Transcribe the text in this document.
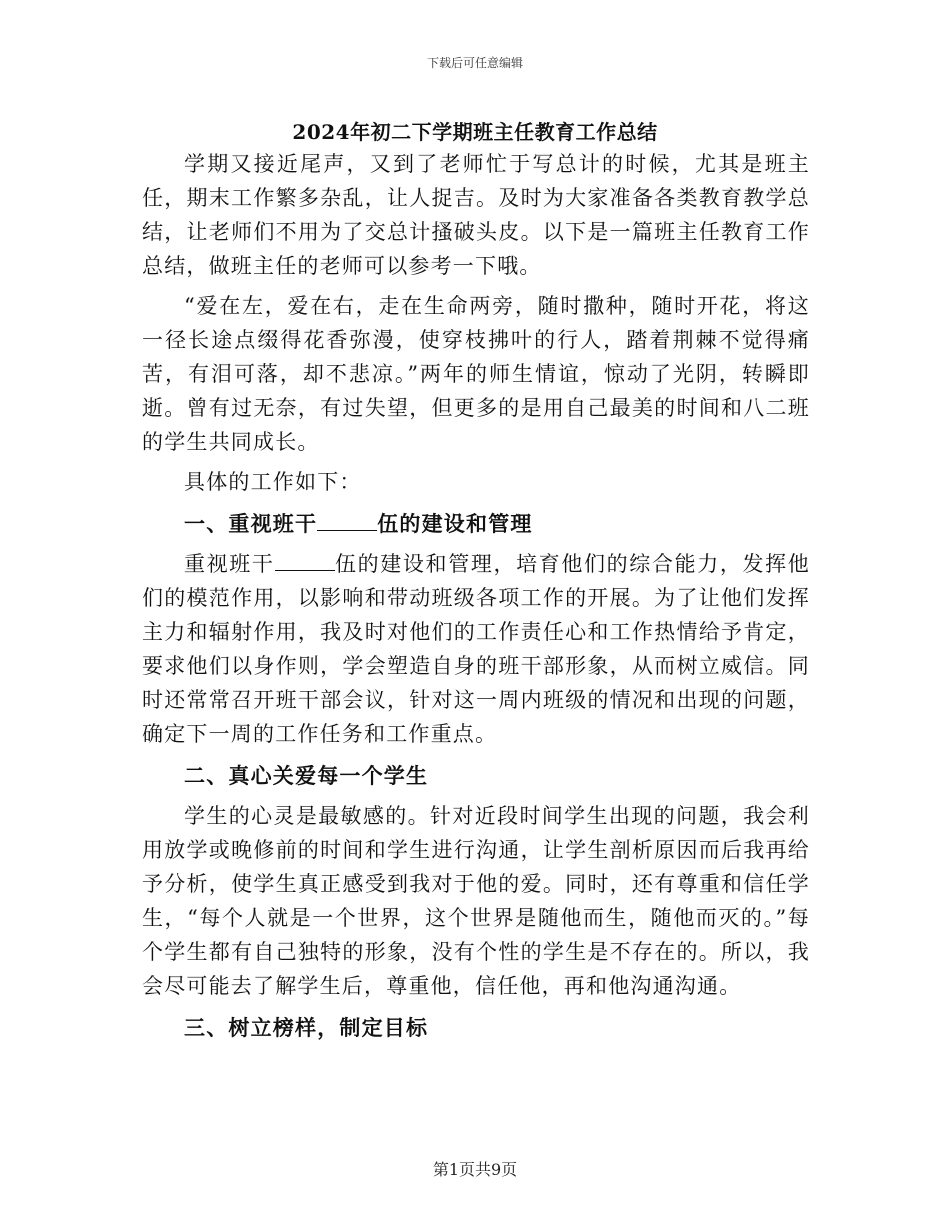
下载后可任意编辑
2024年初二下学期班主任教育工作总结

学期又接近尾声，又到了老师忙于写总计的时候，尤其是班主任，期末工作繁多杂乱，让人捉吉。及时为大家准备各类教育教学总结，让老师们不用为了交总计搔破头皮。以下是一篇班主任教育工作总结，做班主任的老师可以参考一下哦。

“爱在左，爱在右，走在生命两旁，随时撒种，随时开花，将这一径长途点缀得花香弥漫，使穿枝拂叶的行人，踏着荆棘不觉得痛苦，有泪可落，却不悲凉。”两年的师生情谊，惊动了光阴，转瞬即逝。曾有过无奈，有过失望，但更多的是用自己最美的时间和八二班的学生共同成长。

具体的工作如下：

一、重视班干	伍的建设和管理

重视班干	伍的建设和管理，培育他们的综合能力，发挥他们的模范作用，以影响和带动班级各项工作的开展。为了让他们发挥主力和辐射作用，我及时对他们的工作责任心和工作热情给予肯定，要求他们以身作则，学会塑造自身的班干部形象，从而树立威信。同时还常常召开班干部会议，针对这一周内班级的情况和出现的问题，确定下一周的工作任务和工作重点。

二、真心关爱每一个学生

学生的心灵是最敏感的。针对近段时间学生出现的问题，我会利用放学或晚修前的时间和学生进行沟通，让学生剖析原因而后我再给予分析，使学生真正感受到我对于他的爱。同时，还有尊重和信任学生，“每个人就是一个世界，这个世界是随他而生，随他而灭的。”每个学生都有自己独特的形象，没有个性的学生是不存在的。所以，我会尽可能去了解学生后，尊重他，信任他，再和他沟通沟通。

三、树立榜样，制定目标

第1页共9页
